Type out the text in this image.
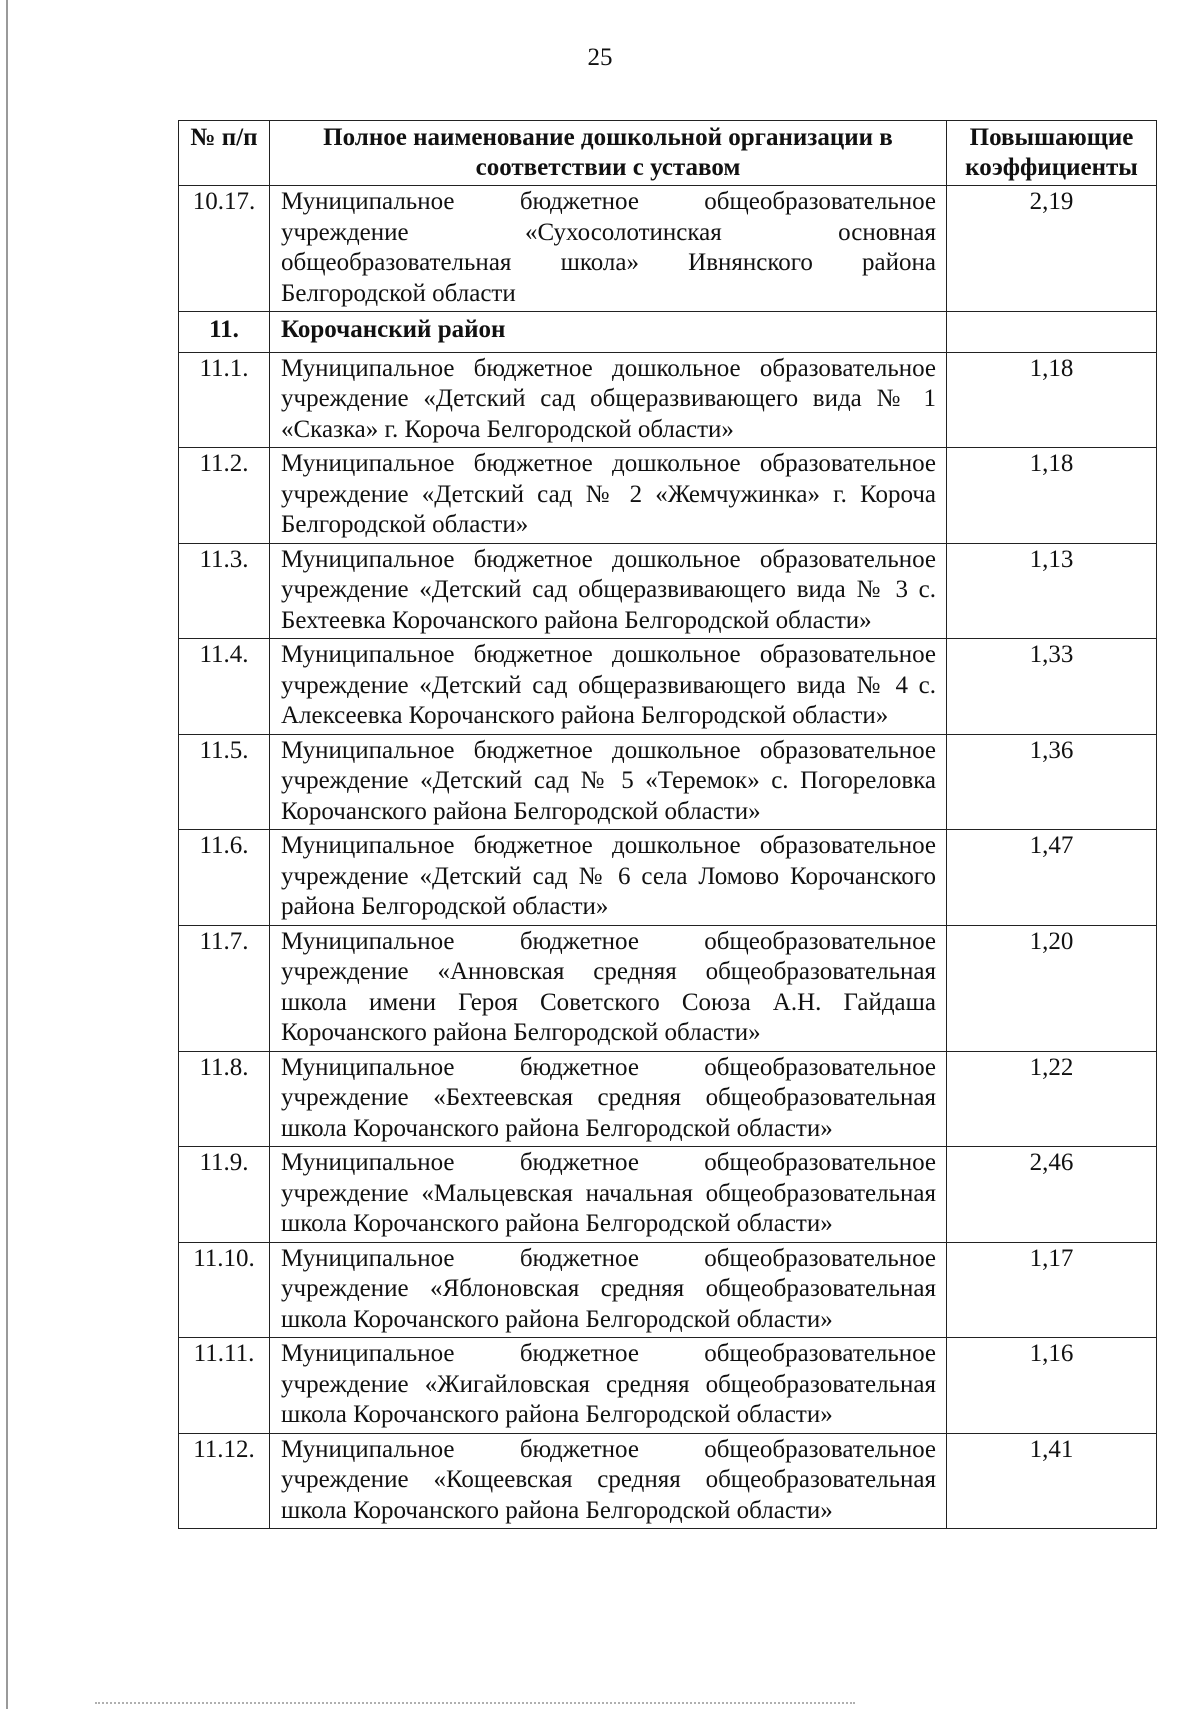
25
№ п/п	Полное наименование дошкольной организации в соответствии с уставом	Повышающие коэффициенты
10.17.	Муниципальное бюджетное общеобразовательное учреждение «Сухосолотинская основная общеобразовательная школа» Ивнянского района Белгородской области	2,19
11.	Корочанский район	
11.1.	Муниципальное бюджетное дошкольное образовательное учреждение «Детский сад общеразвивающего вида № 1 «Сказка» г. Короча Белгородской области»	1,18
11.2.	Муниципальное бюджетное дошкольное образовательное учреждение «Детский сад № 2 «Жемчужинка» г. Короча Белгородской области»	1,18
11.3.	Муниципальное бюджетное дошкольное образовательное учреждение «Детский сад общеразвивающего вида № 3 с. Бехтеевка Корочанского района Белгородской области»	1,13
11.4.	Муниципальное бюджетное дошкольное образовательное учреждение «Детский сад общеразвивающего вида № 4 с. Алексеевка Корочанского района Белгородской области»	1,33
11.5.	Муниципальное бюджетное дошкольное образовательное учреждение «Детский сад № 5 «Теремок» с. Погореловка Корочанского района Белгородской области»	1,36
11.6.	Муниципальное бюджетное дошкольное образовательное учреждение «Детский сад № 6 села Ломово Корочанского района Белгородской области»	1,47
11.7.	Муниципальное бюджетное общеобразовательное учреждение «Анновская средняя общеобразовательная школа имени Героя Советского Союза А.Н. Гайдаша Корочанского района Белгородской области»	1,20
11.8.	Муниципальное бюджетное общеобразовательное учреждение «Бехтеевская средняя общеобразовательная школа Корочанского района Белгородской области»	1,22
11.9.	Муниципальное бюджетное общеобразовательное учреждение «Мальцевская начальная общеобразовательная школа Корочанского района Белгородской области»	2,46
11.10.	Муниципальное бюджетное общеобразовательное учреждение «Яблоновская средняя общеобразовательная школа Корочанского района Белгородской области»	1,17
11.11.	Муниципальное бюджетное общеобразовательное учреждение «Жигайловская средняя общеобразовательная школа Корочанского района Белгородской области»	1,16
11.12.	Муниципальное бюджетное общеобразовательное учреждение «Кощеевская средняя общеобразовательная школа Корочанского района Белгородской области»	1,41
